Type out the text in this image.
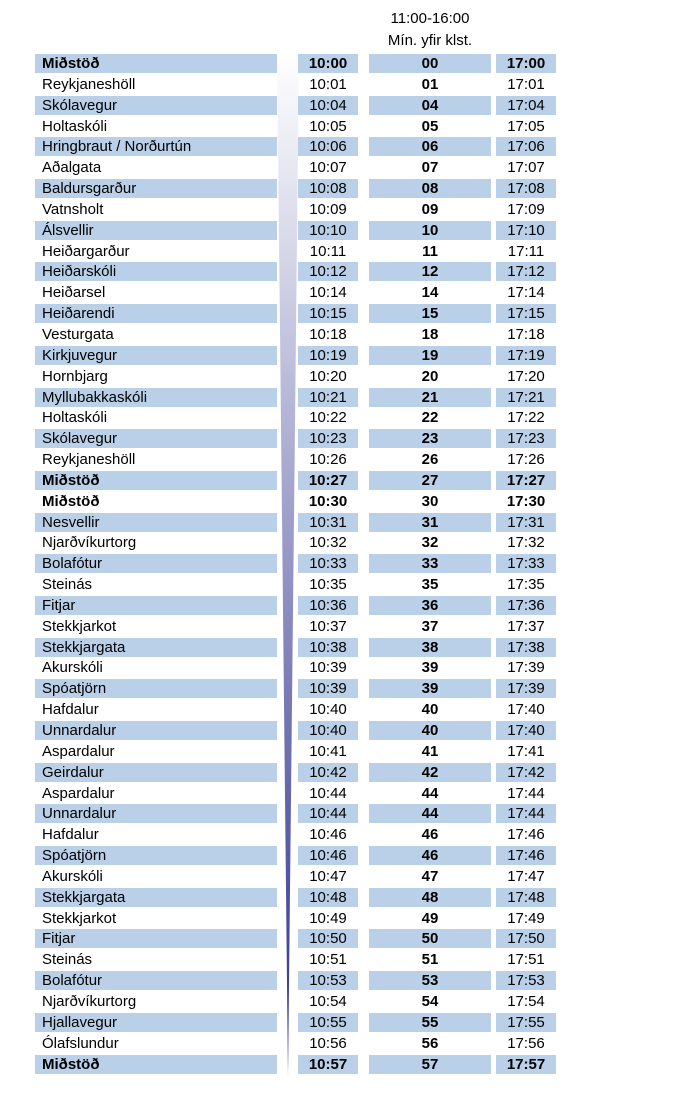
11:00-16:00
Mín. yfir klst.
Miðstöð	10:00	00	17:00
Reykjaneshöll	10:01	01	17:01
Skólavegur	10:04	04	17:04
Holtaskóli	10:05	05	17:05
Hringbraut / Norðurtún	10:06	06	17:06
Aðalgata	10:07	07	17:07
Baldursgarður	10:08	08	17:08
Vatnsholt	10:09	09	17:09
Álsvellir	10:10	10	17:10
Heiðargarður	10:11	11	17:11
Heiðarskóli	10:12	12	17:12
Heiðarsel	10:14	14	17:14
Heiðarendi	10:15	15	17:15
Vesturgata	10:18	18	17:18
Kirkjuvegur	10:19	19	17:19
Hornbjarg	10:20	20	17:20
Myllubakkaskóli	10:21	21	17:21
Holtaskóli	10:22	22	17:22
Skólavegur	10:23	23	17:23
Reykjaneshöll	10:26	26	17:26
Miðstöð	10:27	27	17:27
Miðstöð	10:30	30	17:30
Nesvellir	10:31	31	17:31
Njarðvíkurtorg	10:32	32	17:32
Bolafótur	10:33	33	17:33
Steinás	10:35	35	17:35
Fitjar	10:36	36	17:36
Stekkjarkot	10:37	37	17:37
Stekkjargata	10:38	38	17:38
Akurskóli	10:39	39	17:39
Spóatjörn	10:39	39	17:39
Hafdalur	10:40	40	17:40
Unnardalur	10:40	40	17:40
Aspardalur	10:41	41	17:41
Geirdalur	10:42	42	17:42
Aspardalur	10:44	44	17:44
Unnardalur	10:44	44	17:44
Hafdalur	10:46	46	17:46
Spóatjörn	10:46	46	17:46
Akurskóli	10:47	47	17:47
Stekkjargata	10:48	48	17:48
Stekkjarkot	10:49	49	17:49
Fitjar	10:50	50	17:50
Steinás	10:51	51	17:51
Bolafótur	10:53	53	17:53
Njarðvíkurtorg	10:54	54	17:54
Hjallavegur	10:55	55	17:55
Ólafslundur	10:56	56	17:56
Miðstöð	10:57	57	17:57
